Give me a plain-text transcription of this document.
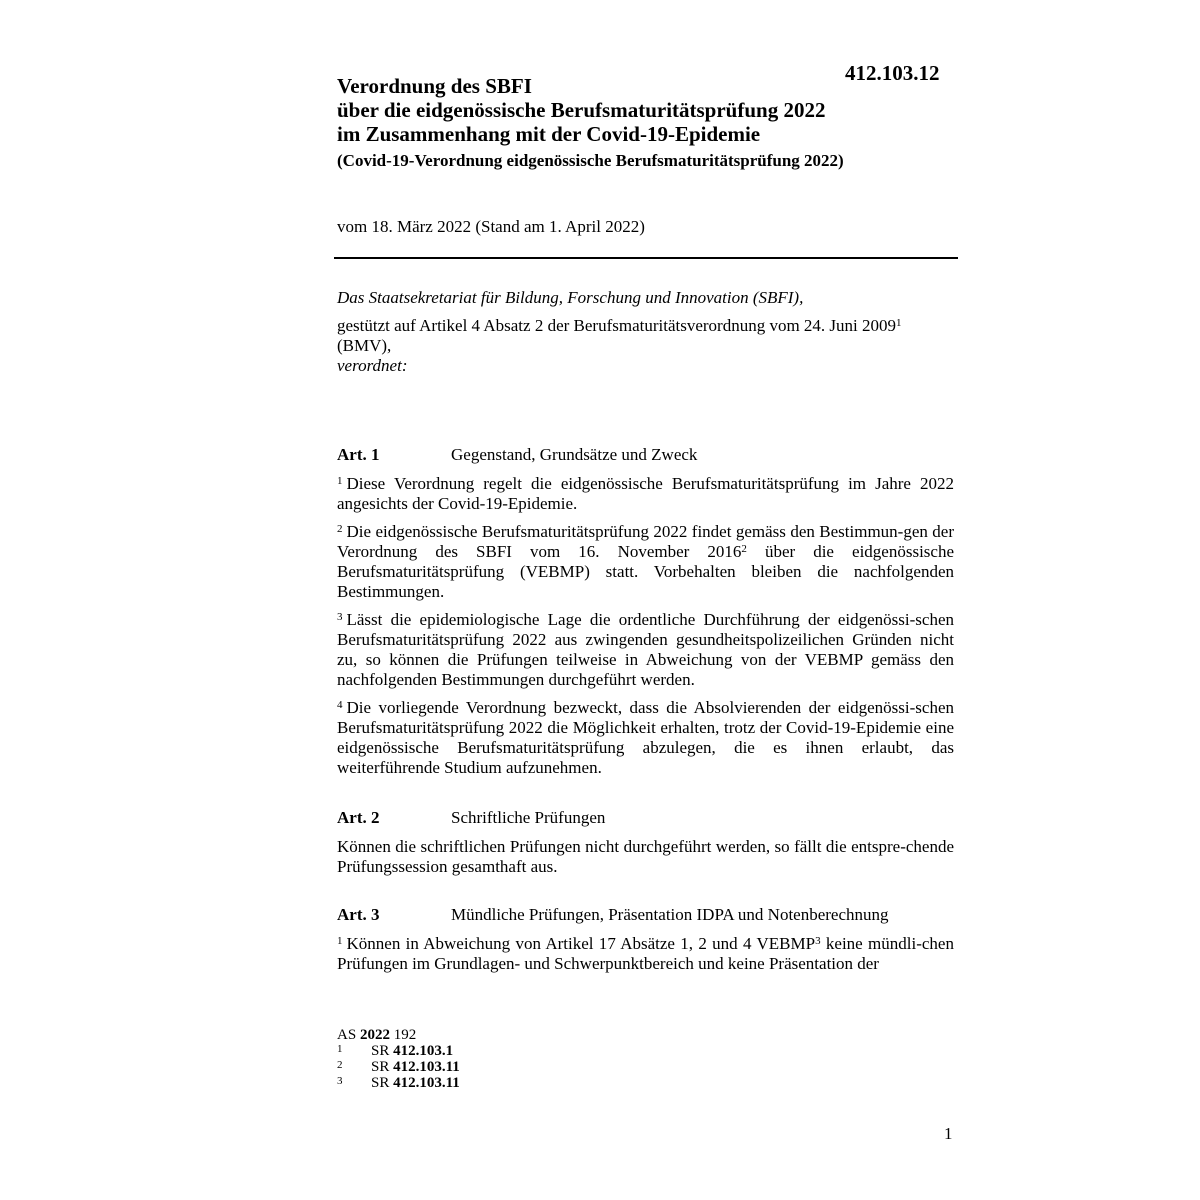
412.103.12
Verordnung des SBFI
über die eidgenössische Berufsmaturitätsprüfung 2022
im Zusammenhang mit der Covid-19-Epidemie
(Covid-19-Verordnung eidgenössische Berufsmaturitätsprüfung 2022)
vom 18. März 2022 (Stand am 1. April 2022)
Das Staatsekretariat für Bildung, Forschung und Innovation (SBFI),
gestützt auf Artikel 4 Absatz 2 der Berufsmaturitätsverordnung vom 24. Juni 2009$^1$
(BMV),
verordnet:
Art. 1	Gegenstand, Grundsätze und Zweck
$^1$ Diese Verordnung regelt die eidgenössische Berufsmaturitätsprüfung im Jahre 2022 angesichts der Covid-19-Epidemie.
$^2$ Die eidgenössische Berufsmaturitätsprüfung 2022 findet gemäss den Bestimmun-gen der Verordnung des SBFI vom 16. November 2016$^2$ über die eidgenössische Berufsmaturitätsprüfung (VEBMP) statt. Vorbehalten bleiben die nachfolgenden Bestimmungen.
$^3$ Lässt die epidemiologische Lage die ordentliche Durchführung der eidgenössi-schen Berufsmaturitätsprüfung 2022 aus zwingenden gesundheitspolizeilichen Gründen nicht zu, so können die Prüfungen teilweise in Abweichung von der VEBMP gemäss den nachfolgenden Bestimmungen durchgeführt werden.
$^4$ Die vorliegende Verordnung bezweckt, dass die Absolvierenden der eidgenössi-schen Berufsmaturitätsprüfung 2022 die Möglichkeit erhalten, trotz der Covid-19-Epidemie eine eidgenössische Berufsmaturitätsprüfung abzulegen, die es ihnen erlaubt, das weiterführende Studium aufzunehmen.
Art. 2	Schriftliche Prüfungen
Können die schriftlichen Prüfungen nicht durchgeführt werden, so fällt die entspre-chende Prüfungssession gesamthaft aus.
Art. 3	Mündliche Prüfungen, Präsentation IDPA und Notenberechnung
$^1$ Können in Abweichung von Artikel 17 Absätze 1, 2 und 4 VEBMP$^3$ keine mündli-chen Prüfungen im Grundlagen- und Schwerpunktbereich und keine Präsentation der
AS 2022 192
1	SR 412.103.1
2	SR 412.103.11
3	SR 412.103.11
1
